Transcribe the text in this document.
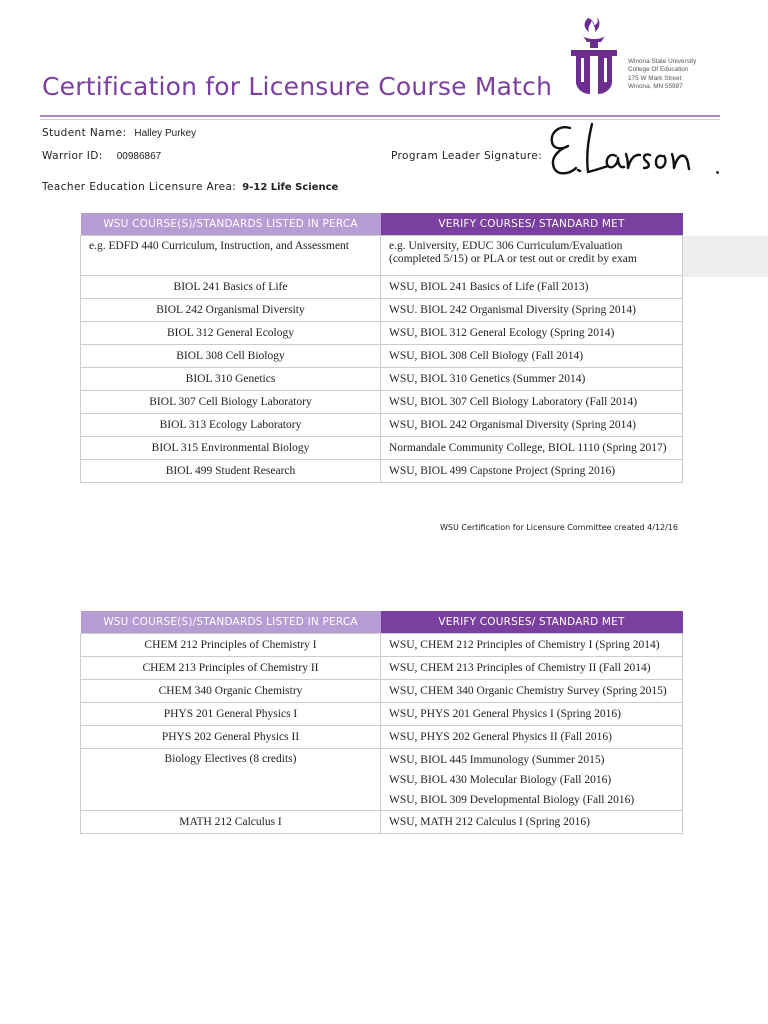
Certification for Licensure Course Match
Winona State University
College Of Education
175 W Mark Street
Winona, MN 55987
Student Name: Halley Purkey
Warrior ID: 00986867	Program Leader Signature:
Teacher Education Licensure Area: 9-12 Life Science
WSU COURSE(S)/STANDARDS LISTED IN PERCA	VERIFY COURSES/ STANDARD MET
e.g. EDFD 440 Curriculum, Instruction, and Assessment	e.g. University, EDUC 306 Curriculum/Evaluation
(completed 5/15) or PLA or test out or credit by exam

BIOL 241 Basics of Life	WSU, BIOL 241 Basics of Life (Fall 2013)
BIOL 242 Organismal Diversity	WSU. BIOL 242 Organismal Diversity (Spring 2014)
BIOL 312 General Ecology	WSU, BIOL 312 General Ecology (Spring 2014)
BIOL 308 Cell Biology	WSU, BIOL 308 Cell Biology (Fall 2014)
BIOL 310 Genetics	WSU, BIOL 310 Genetics (Summer 2014)
BIOL 307 Cell Biology Laboratory	WSU, BIOL 307 Cell Biology Laboratory (Fall 2014)
BIOL 313 Ecology Laboratory	WSU, BIOL 242 Organismal Diversity (Spring 2014)
BIOL 315 Environmental Biology	Normandale Community College, BIOL 1110 (Spring 2017)
BIOL 499 Student Research	WSU, BIOL 499 Capstone Project (Spring 2016)
WSU Certification for Licensure Committee created 4/12/16
WSU COURSE(S)/STANDARDS LISTED IN PERCA	VERIFY COURSES/ STANDARD MET
CHEM 212 Principles of Chemistry I	WSU, CHEM 212 Principles of Chemistry I (Spring 2014)
CHEM 213 Principles of Chemistry II	WSU, CHEM 213 Principles of Chemistry II (Fall 2014)
CHEM 340 Organic Chemistry	WSU, CHEM 340 Organic Chemistry Survey (Spring 2015)
PHYS 201 General Physics I	WSU, PHYS 201 General Physics I (Spring 2016)
PHYS 202 General Physics II	WSU, PHYS 202 General Physics II (Fall 2016)
Biology Electives (8 credits)	WSU, BIOL 445 Immunology (Summer 2015)
WSU, BIOL 430 Molecular Biology (Fall 2016)
WSU, BIOL 309 Developmental Biology (Fall 2016)

MATH 212 Calculus I	WSU, MATH 212 Calculus I (Spring 2016)
